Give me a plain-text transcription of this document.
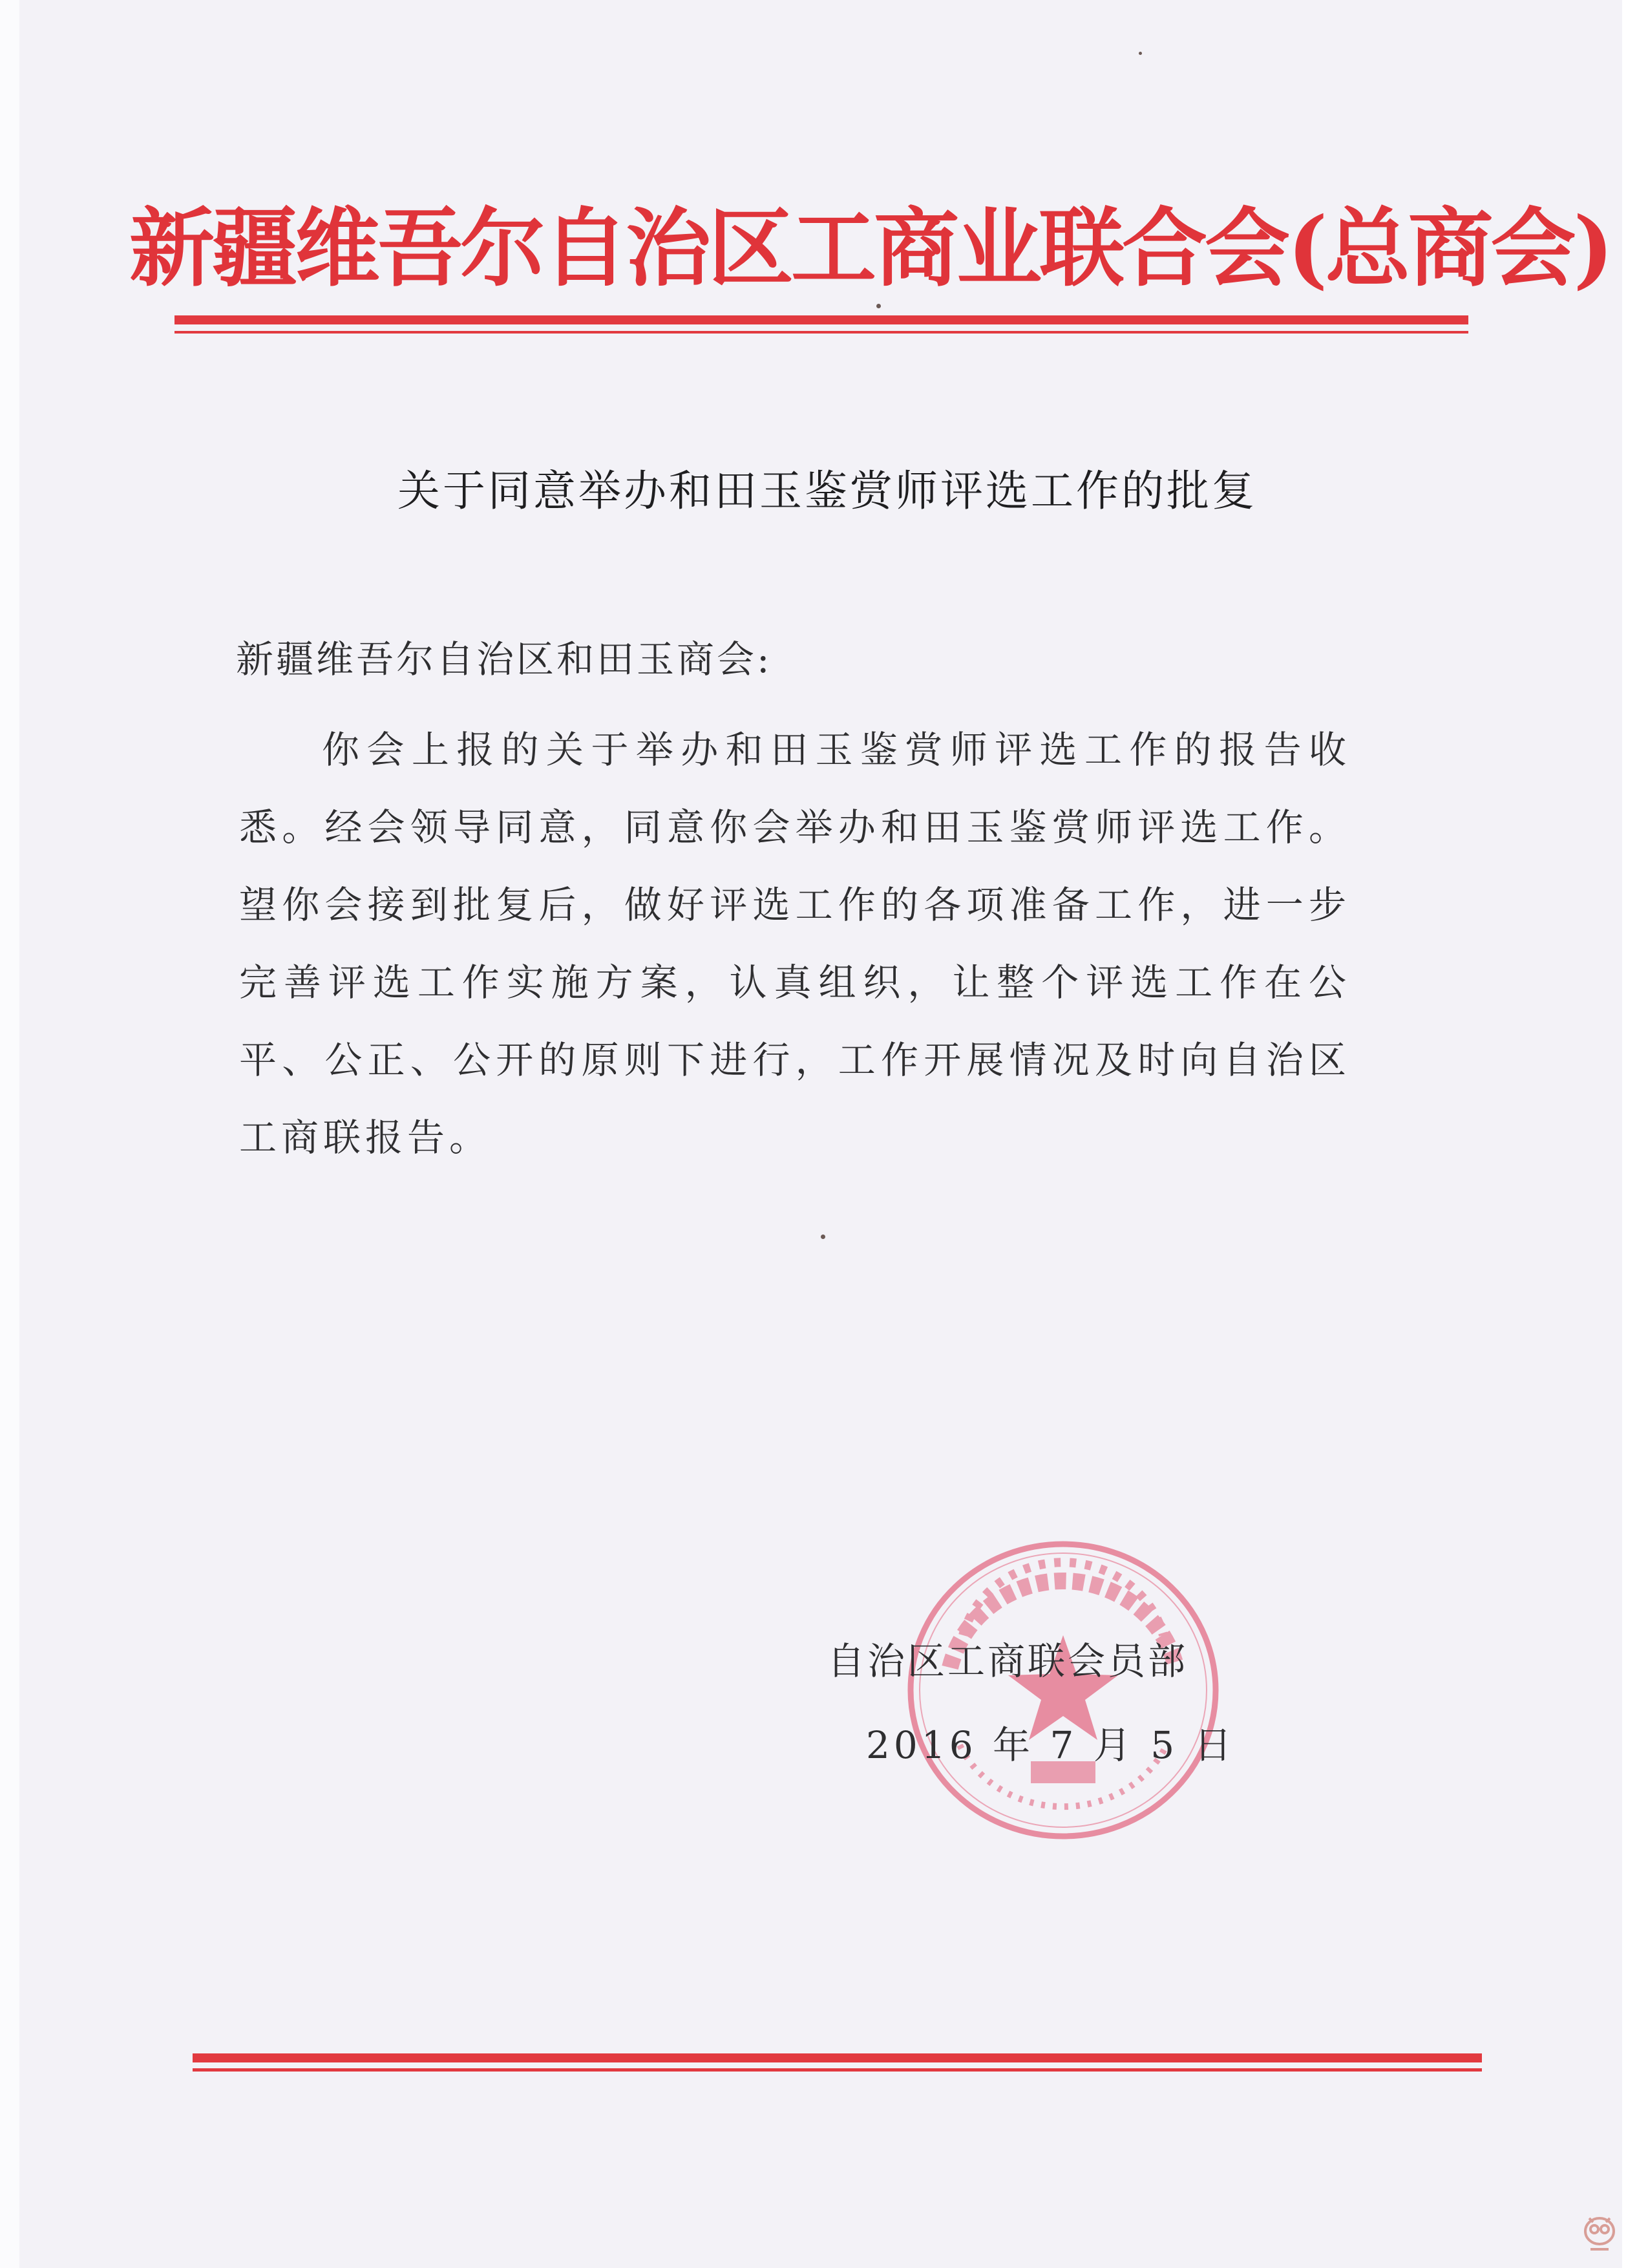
新疆维吾尔自治区工商业联合会(总商会)
关于同意举办和田玉鉴赏师评选工作的批复
新疆维吾尔自治区和田玉商会:
你会上报的关于举办和田玉鉴赏师评选工作的报告收悉。经会领导同意，同意你会举办和田玉鉴赏师评选工作。望你会接到批复后，做好评选工作的各项准备工作，进一步完善评选工作实施方案，认真组织，让整个评选工作在公平、公正、公开的原则下进行，工作开展情况及时向自治区工商联报告。
自治区工商联会员部
2016 年 7 月 5 日
